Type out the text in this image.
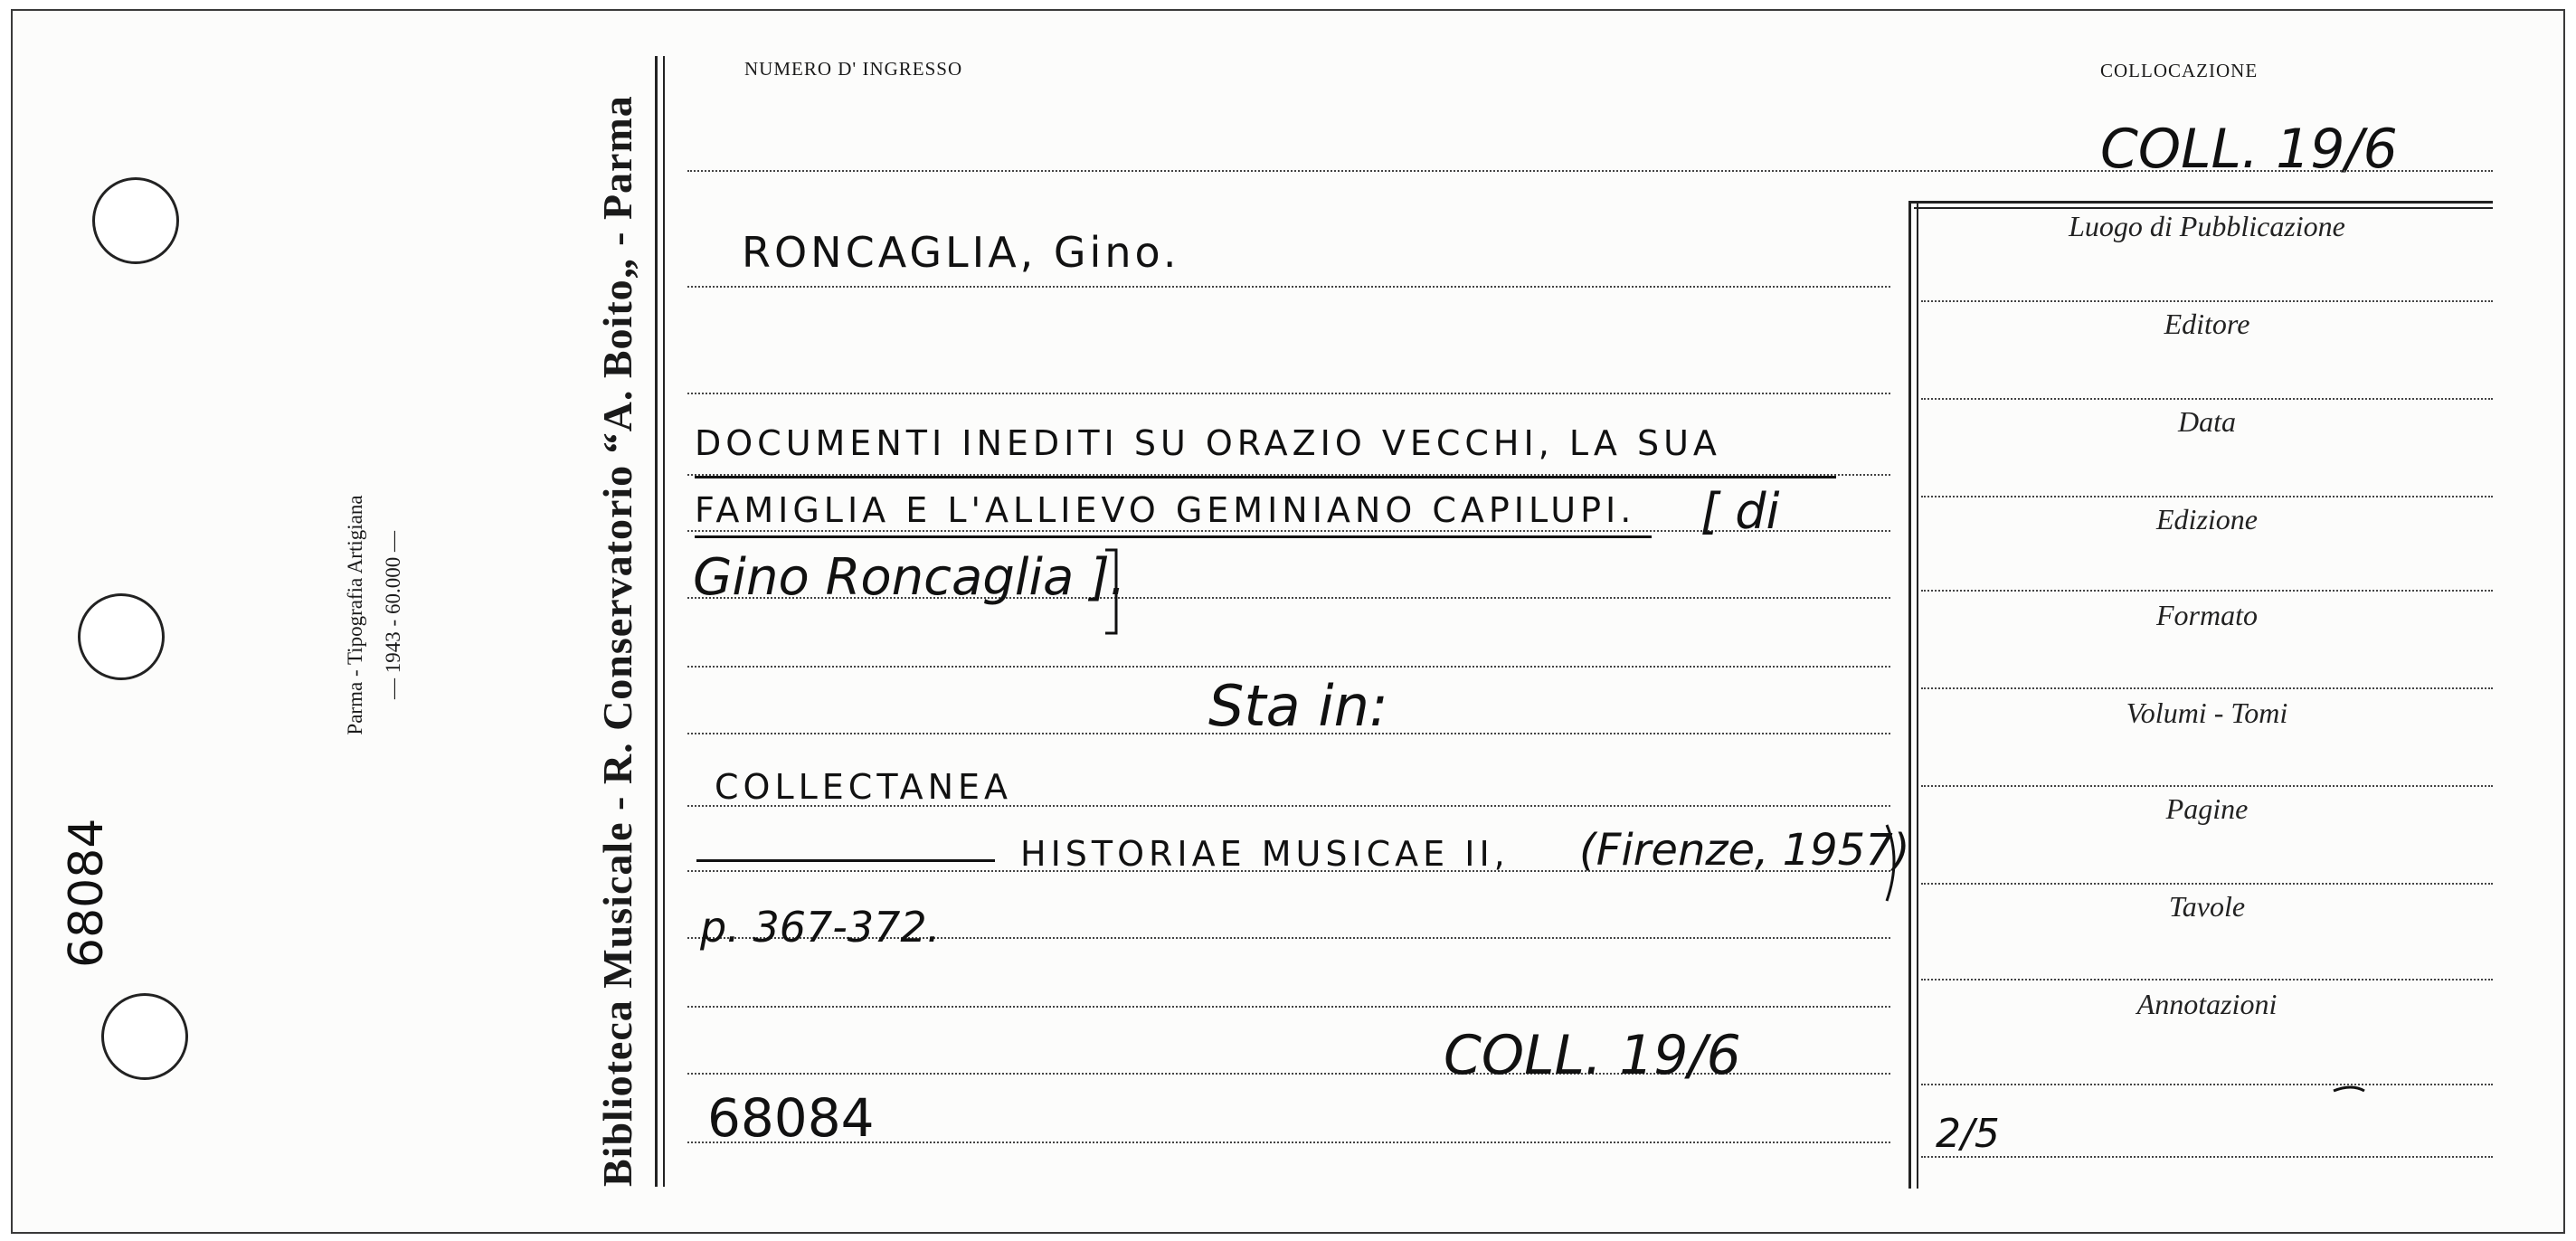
68084
Parma - Tipografia Artigiana — 1943 - 60.000 —	Biblioteca Musicale - R. Conservatorio “A. Boito„ - Parma
NUMERO D' INGRESSO	COLLOCAZIONE
COLL. 19/6
RONCAGLIA, Gino.
DOCUMENTI INEDITI SU ORAZIO VECCHI, LA SUA
FAMIGLIA E L'ALLIEVO GEMINIANO CAPILUPI. [ di
Gino Roncaglia ].
Sta in:
COLLECTANEA
HISTORIAE MUSICAE II, (Firenze, 1957)
p. 367-372.
COLL. 19/6
68084
Luogo di Pubblicazione
Editore
Data
Edizione
Formato
Volumi - Tomi
Pagine
Tavole
Annotazioni
2/5
